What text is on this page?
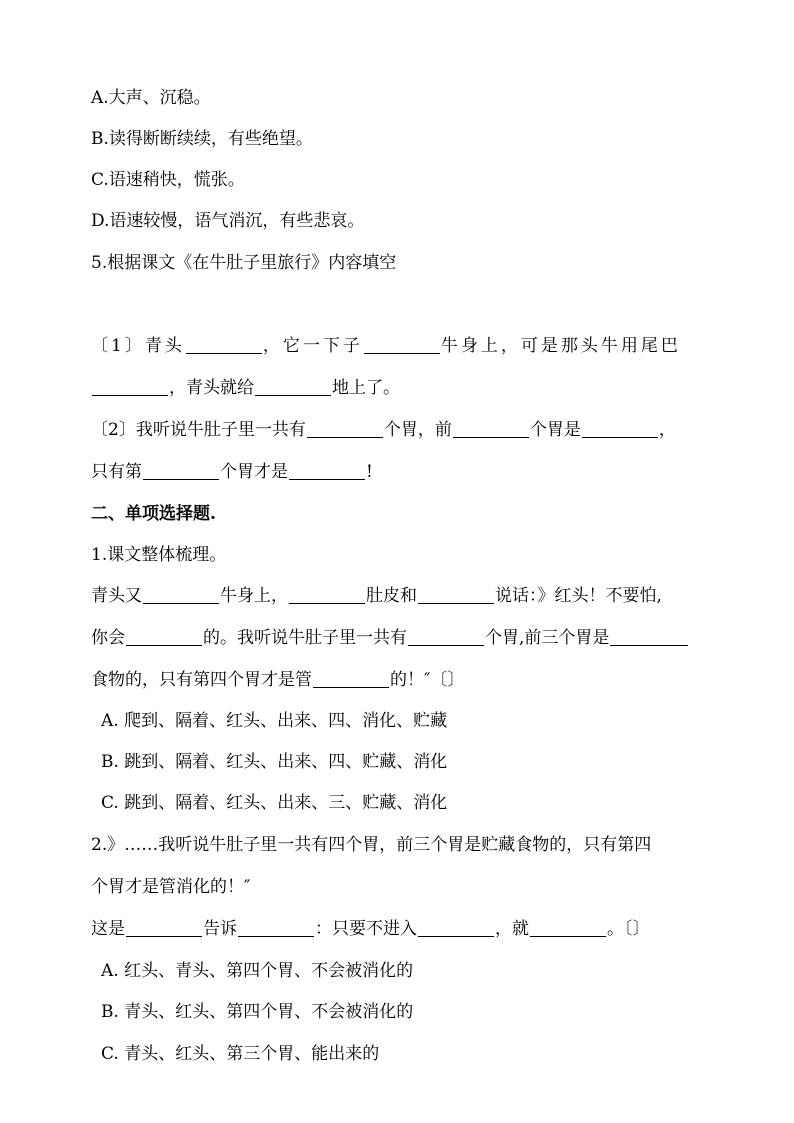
A.大声、沉稳。
B.读得断断续续，有些绝望。
C.语速稍快，慌张。
D.语速较慢，语气消沉，有些悲哀。
5.根据课文《在牛肚子里旅行》内容填空
〔1〕青头	，它一下子	牛身上，可是那头牛用尾巴
，青头就给	地上了。
〔2〕我听说牛肚子里一共有	个胃，前	个胃是	，
只有第	个胃才是	!
二、单项选择题.
1.课文整体梳理。
青头又	牛身上，	肚皮和	说话：》红头！不要怕,
你会	的。我听说牛肚子里一共有	个胃,前三个胃是
食物的，只有第四个胃才是管	的！″〔〕
A. 爬到、隔着、红头、出来、四、消化、贮藏
B. 跳到、隔着、红头、出来、四、贮藏、消化
C. 跳到、隔着、红头、出来、三、贮藏、消化
2.》……我听说牛肚子里一共有四个胃，前三个胃是贮藏食物的，只有第四
个胃才是管消化的！″
这是	告诉	：只要不进入	，就	。〔〕
A. 红头、青头、第四个胃、不会被消化的
B. 青头、红头、第四个胃、不会被消化的
C. 青头、红头、第三个胃、能出来的
